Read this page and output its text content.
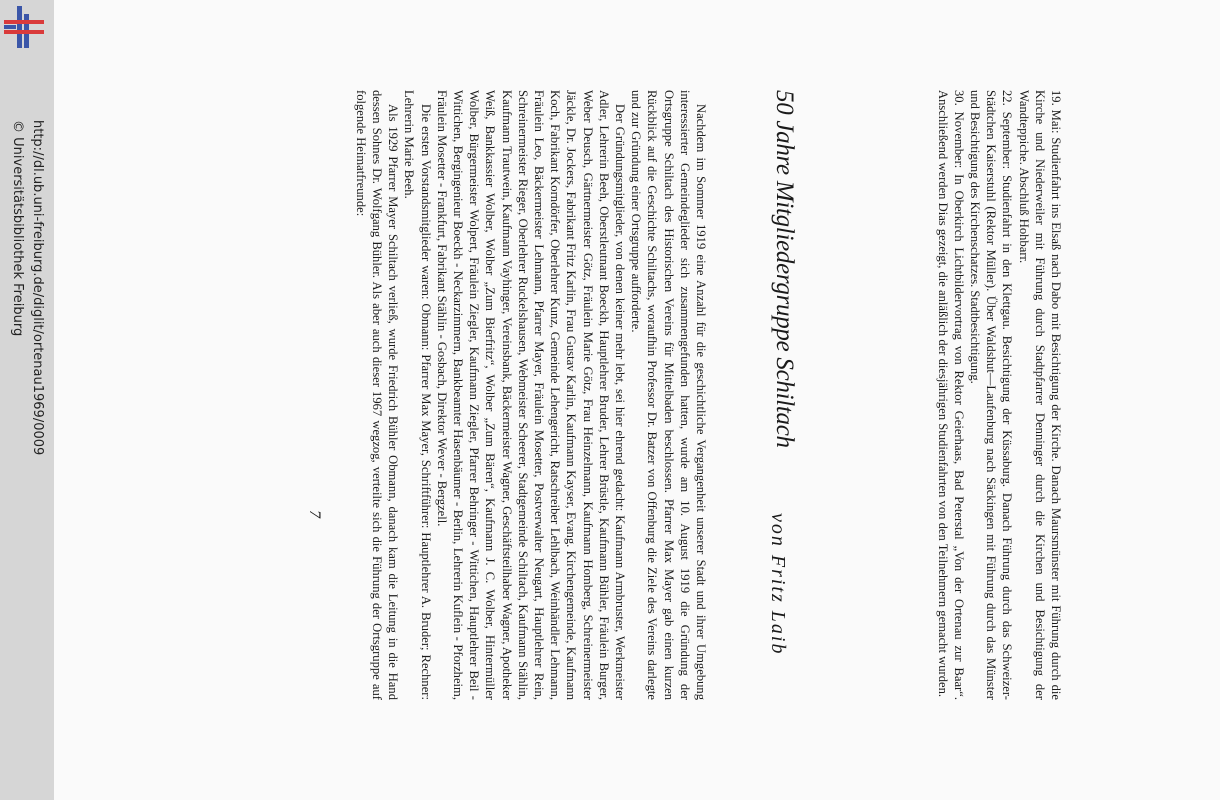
http://dl.ub.uni-freiburg.de/diglit/ortenau1969/0009
© Universitätsbibliothek Freiburg	19. Mai: Studienfahrt ins Elsaß nach Dabo mit Besichtigung der Kirche. Danach Maursmünster mit Führung durch die Kirche und Niederweiler mit Führung durch Stadtpfarrer Denninger durch die Kirchen und Besichtigung der Wandteppiche. Abschluß Hohbarr.

22. September: Studienfahrt in den Klettgau. Besichtigung der Küssaburg. Danach Führung durch das Schweizer-Städtchen Kaiserstuhl (Rektor Müller). Über Waldshut—Laufenburg nach Säckingen mit Führung durch das Münster und Besichtigung des Kirchenschatzes. Stadtbesichtigung.

30. November: In Oberkirch Lichtbildervortrag von Rektor Geierhaas, Bad Peterstal „Von der Ortenau zur Baar“. Anschließend werden Dias gezeigt, die anläßlich der diesjährigen Studienfahrten von den Teilnehmern gemacht wurden.

50 Jahre Mitgliedergruppe Schiltach
von Fritz Laib

Nachdem im Sommer 1919 eine Anzahl für die geschichtliche Vergangenheit unserer Stadt und ihrer Umgebung interessierter Gemeindeglieder sich zusammengefunden hatten, wurde am 10. August 1919 die Gründung der Ortsgruppe Schiltach des Historischen Vereins für Mittelbaden beschlossen. Pfarrer Max Mayer gab einen kurzen Rückblick auf die Geschichte Schiltachs, woraufhin Professor Dr. Batzer von Offenburg die Ziele des Vereins darlegte und zur Gründung einer Ortsgruppe aufforderte.

Der Gründungsmitglieder, von denen keiner mehr lebt, sei hier ehrend gedacht: Kaufmann Armbruster, Werkmeister Adler, Lehrerin Beeh, Oberstleutnant Boeckh, Hauptlehrer Bruder, Lehrer Brüstle, Kaufmann Bühler, Fräulein Burger, Weber Deusch, Gärtnermeister Götz, Fräulein Marie Götz, Frau Heinzelmann, Kaufmann Homberg, Schreinermeister Jäckle, Dr. Jockers, Fabrikant Fritz Karlin, Frau Gustav Karlin, Kaufmann Kayser, Evang. Kirchengemeinde, Kaufmann Koch, Fabrikant Korndörfer, Oberlehrer Kunz, Gemeinde Lehengericht, Ratschreiber Lehlbach, Weinhändler Lehmann, Fräulein Leo, Bäckermeister Lehmann, Pfarrer Mayer, Fräulein Mosetter, Postverwalter Neugart, Hauptlehrer Rein, Schreinermeister Rieger, Oberlehrer Ruckelshausen, Webmeister Scheerer, Stadtgemeinde Schiltach, Kaufmann Stählin, Kaufmann Trautwein, Kaufmann Vayhinger, Vereinsbank, Bäckermeister Wagner, Geschäftsteilhaber Wagner, Apotheker Weiß, Bankkassier Wolber, Wolber „Zum Bierfritz“, Wolber „Zum Bären“, Kaufmann J. C. Wolber, Hintermüller Wolber, Bürgermeister Wolpert, Fräulein Ziegler, Kaufmann Ziegler, Pfarrer Behringer - Wittichen, Hauptlehrer Beil - Wittichen, Bergingenieur Boeckh - Neckarzimmern, Bankbeamter Hasenbäumer - Berlin, Lehrerin Kuflein - Pforzheim, Fräulein Mosetter - Frankfurt, Fabrikant Stählin - Gosbach, Direktor Wever - Bergzell.

Die ersten Vorstandsmitglieder waren: Obmann: Pfarrer Max Mayer, Schriftführer: Hauptlehrer A. Bruder; Rechner: Lehrerin Marie Beeh.

Als 1929 Pfarrer Mayer Schiltach verließ, wurde Friedrich Bühler Obmann, danach kam die Leitung in die Hand dessen Sohnes Dr. Wolfgang Bühler. Als aber auch dieser 1967 wegzog, verteilte sich die Führung der Ortsgruppe auf folgende Heimatfreunde:

7
